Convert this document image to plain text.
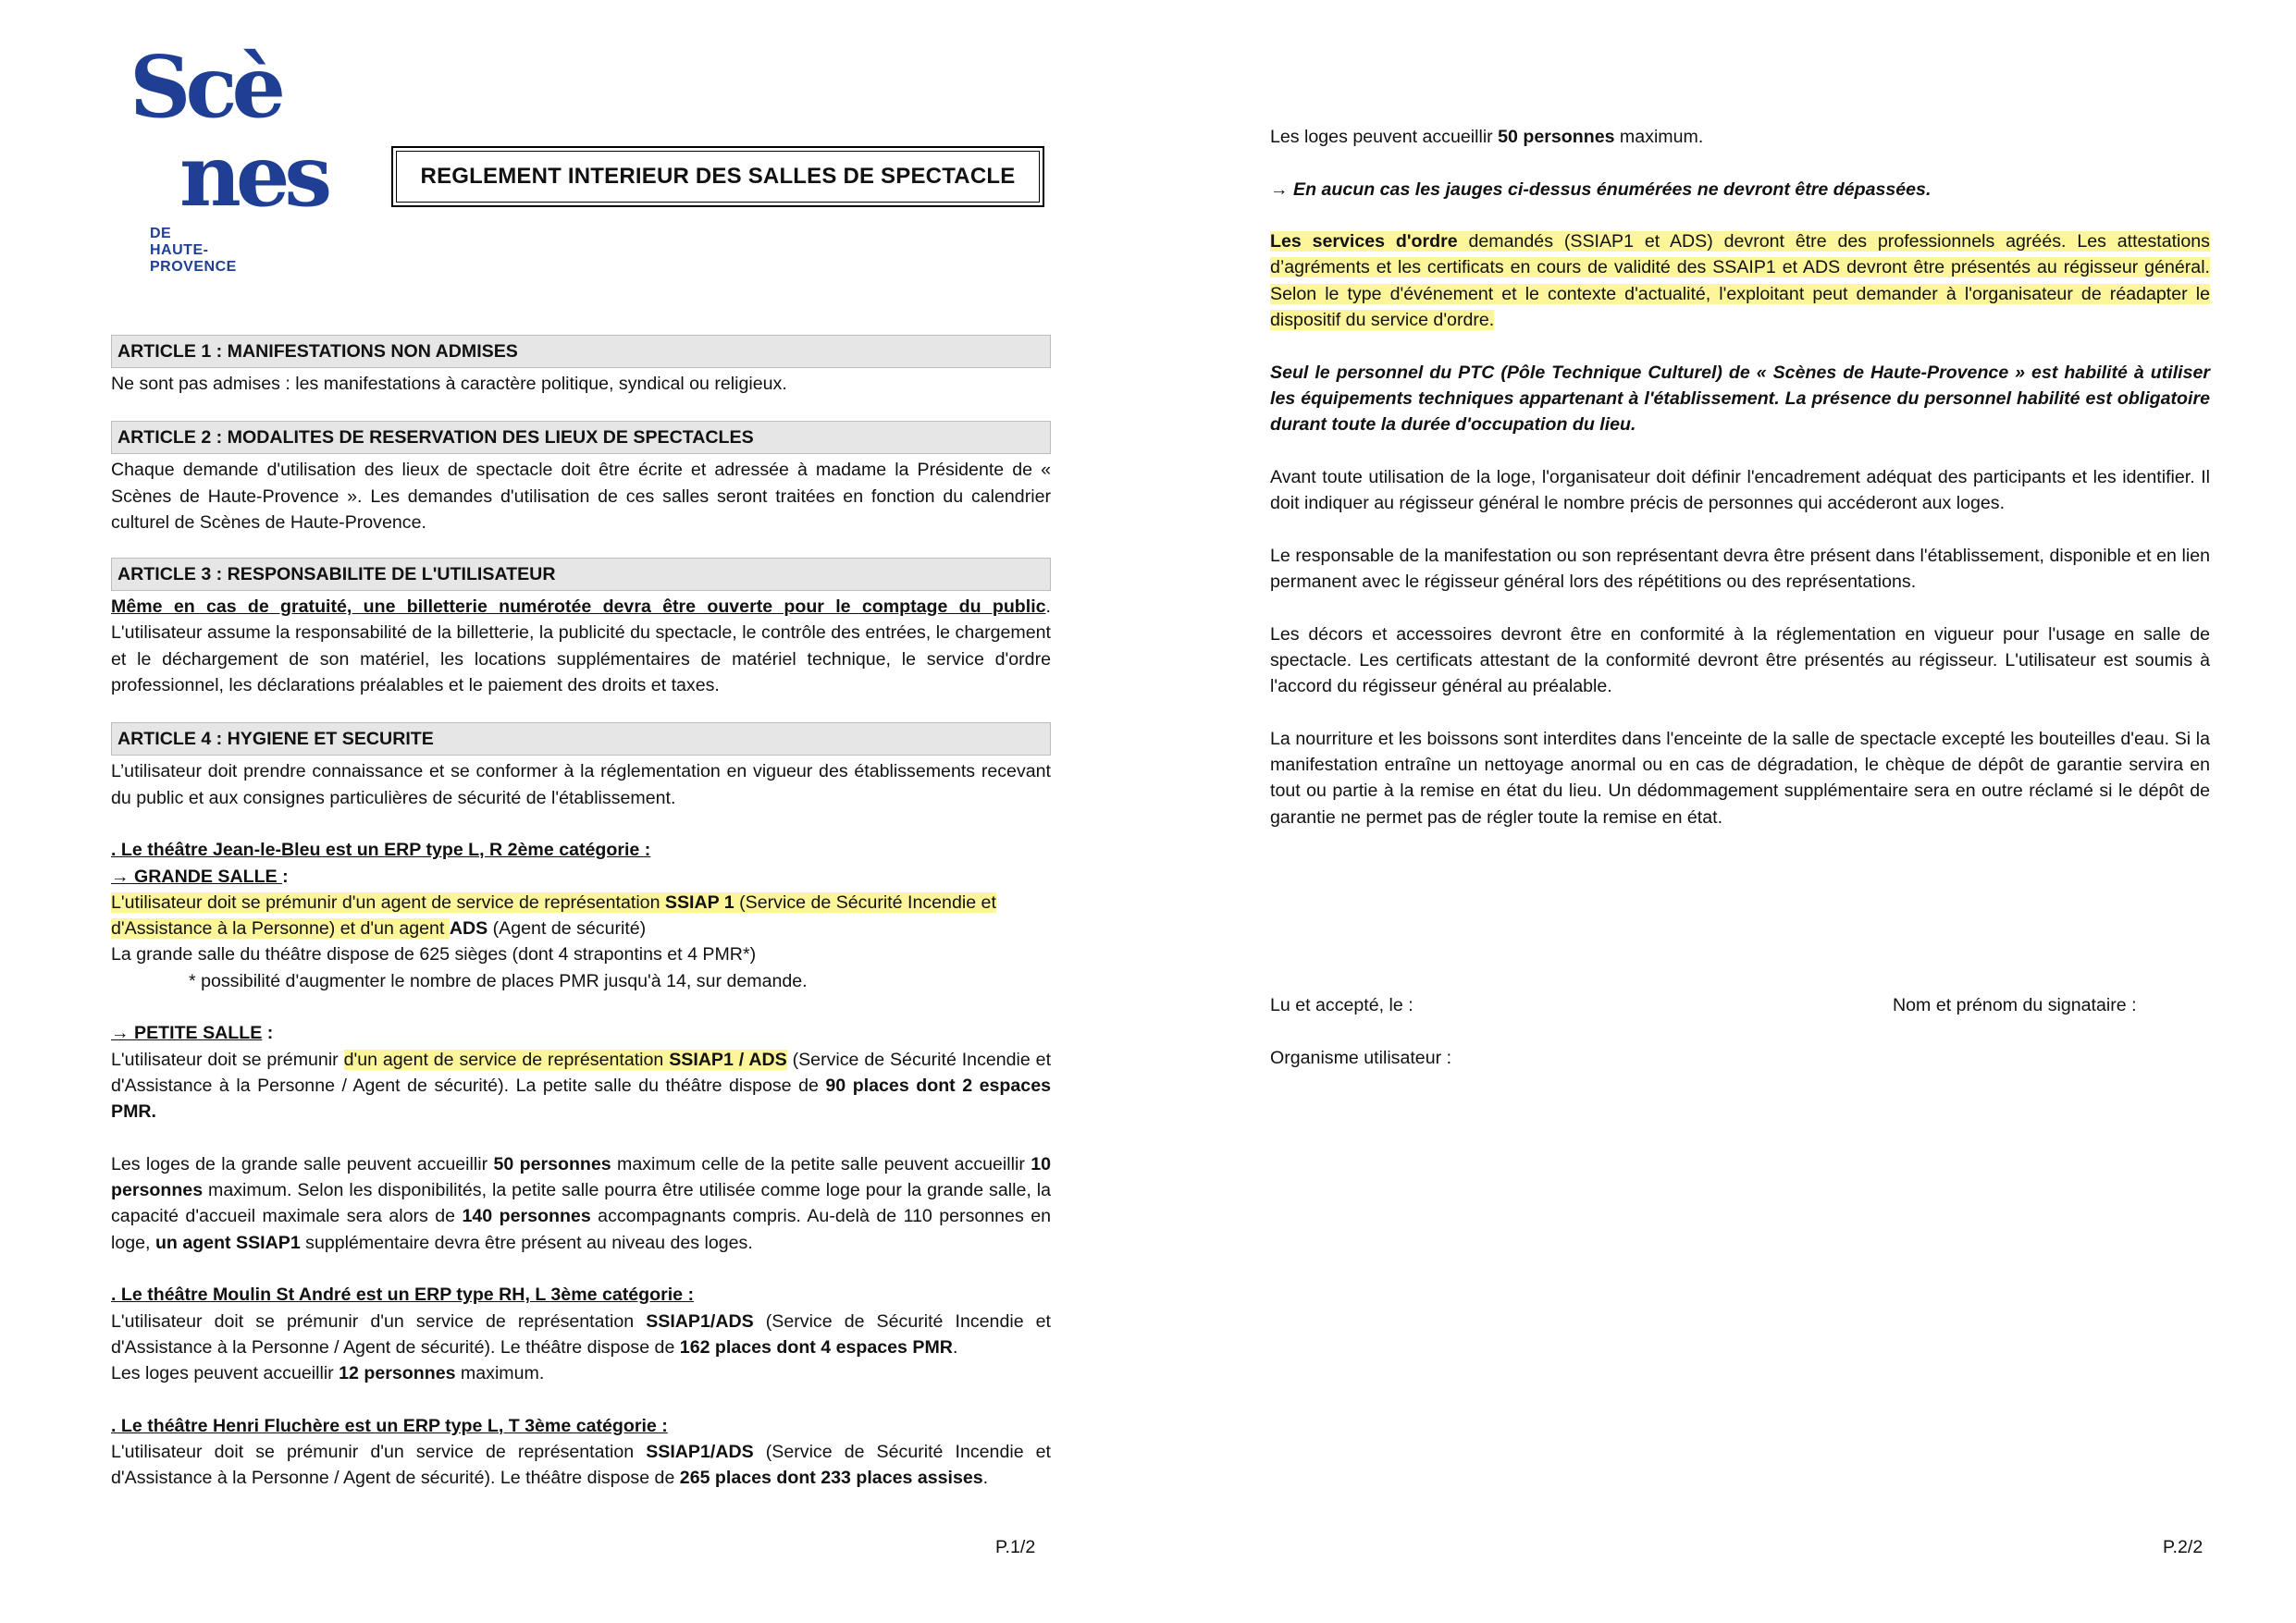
Scè
nes
DE
HAUTE-
PROVENCE
REGLEMENT INTERIEUR DES SALLES DE SPECTACLE
ARTICLE 1 : MANIFESTATIONS NON ADMISES

Ne sont pas admises : les manifestations à caractère politique, syndical ou religieux.

ARTICLE 2 : MODALITES DE RESERVATION DES LIEUX DE SPECTACLES

Chaque demande d'utilisation des lieux de spectacle doit être écrite et adressée à madame la Présidente de « Scènes de Haute-Provence ». Les demandes d'utilisation de ces salles seront traitées en fonction du calendrier culturel de Scènes de Haute-Provence.

ARTICLE 3 : RESPONSABILITE DE L'UTILISATEUR

Même en cas de gratuité, une billetterie numérotée devra être ouverte pour le comptage du public. L'utilisateur assume la responsabilité de la billetterie, la publicité du spectacle, le contrôle des entrées, le chargement et le déchargement de son matériel, les locations supplémentaires de matériel technique, le service d'ordre professionnel, les déclarations préalables et le paiement des droits et taxes.

ARTICLE 4 : HYGIENE ET SECURITE

L’utilisateur doit prendre connaissance et se conformer à la réglementation en vigueur des établissements recevant du public et aux consignes particulières de sécurité de l'établissement.

. Le théâtre Jean-le-Bleu est un ERP type L, R 2ème catégorie :

→ GRANDE SALLE :

L'utilisateur doit se prémunir d'un agent de service de représentation SSIAP 1 (Service de Sécurité Incendie et d'Assistance à la Personne) et d'un agent ADS (Agent de sécurité)

La grande salle du théâtre dispose de 625 sièges (dont 4 strapontins et 4 PMR*)

* possibilité d'augmenter le nombre de places PMR jusqu'à 14, sur demande.

→ PETITE SALLE :

L'utilisateur doit se prémunir d'un agent de service de représentation SSIAP1 / ADS (Service de Sécurité Incendie et d'Assistance à la Personne / Agent de sécurité). La petite salle du théâtre dispose de 90 places dont 2 espaces PMR.

Les loges de la grande salle peuvent accueillir 50 personnes maximum celle de la petite salle peuvent accueillir 10 personnes maximum. Selon les disponibilités, la petite salle pourra être utilisée comme loge pour la grande salle, la capacité d'accueil maximale sera alors de 140 personnes accompagnants compris. Au-delà de 110 personnes en loge, un agent SSIAP1 supplémentaire devra être présent au niveau des loges.

. Le théâtre Moulin St André est un ERP type RH, L 3ème catégorie :

L'utilisateur doit se prémunir d'un service de représentation SSIAP1/ADS (Service de Sécurité Incendie et d'Assistance à la Personne / Agent de sécurité). Le théâtre dispose de 162 places dont 4 espaces PMR.

Les loges peuvent accueillir 12 personnes maximum.

. Le théâtre Henri Fluchère est un ERP type L, T 3ème catégorie :

L'utilisateur doit se prémunir d'un service de représentation SSIAP1/ADS (Service de Sécurité Incendie et d'Assistance à la Personne / Agent de sécurité). Le théâtre dispose de 265 places dont 233 places assises.

P.1/2

Les loges peuvent accueillir 50 personnes maximum.

→ En aucun cas les jauges ci-dessus énumérées ne devront être dépassées.

Les services d'ordre demandés (SSIAP1 et ADS) devront être des professionnels agréés. Les attestations d’agréments et les certificats en cours de validité des SSAIP1 et ADS devront être présentés au régisseur général. Selon le type d'événement et le contexte d'actualité, l'exploitant peut demander à l'organisateur de réadapter le dispositif du service d'ordre.

Seul le personnel du PTC (Pôle Technique Culturel) de « Scènes de Haute-Provence » est habilité à utiliser les équipements techniques appartenant à l'établissement. La présence du personnel habilité est obligatoire durant toute la durée d'occupation du lieu.

Avant toute utilisation de la loge, l'organisateur doit définir l'encadrement adéquat des participants et les identifier. Il doit indiquer au régisseur général le nombre précis de personnes qui accéderont aux loges.

Le responsable de la manifestation ou son représentant devra être présent dans l'établissement, disponible et en lien permanent avec le régisseur général lors des répétitions ou des représentations.

Les décors et accessoires devront être en conformité à la réglementation en vigueur pour l'usage en salle de spectacle. Les certificats attestant de la conformité devront être présentés au régisseur. L'utilisateur est soumis à l'accord du régisseur général au préalable.

La nourriture et les boissons sont interdites dans l'enceinte de la salle de spectacle excepté les bouteilles d'eau. Si la manifestation entraîne un nettoyage anormal ou en cas de dégradation, le chèque de dépôt de garantie servira en tout ou partie à la remise en état du lieu. Un dédommagement supplémentaire sera en outre réclamé si le dépôt de garantie ne permet pas de régler toute la remise en état.

Lu et accepté, le :	Nom et prénom du signataire :
Organisme utilisateur :
P.2/2
